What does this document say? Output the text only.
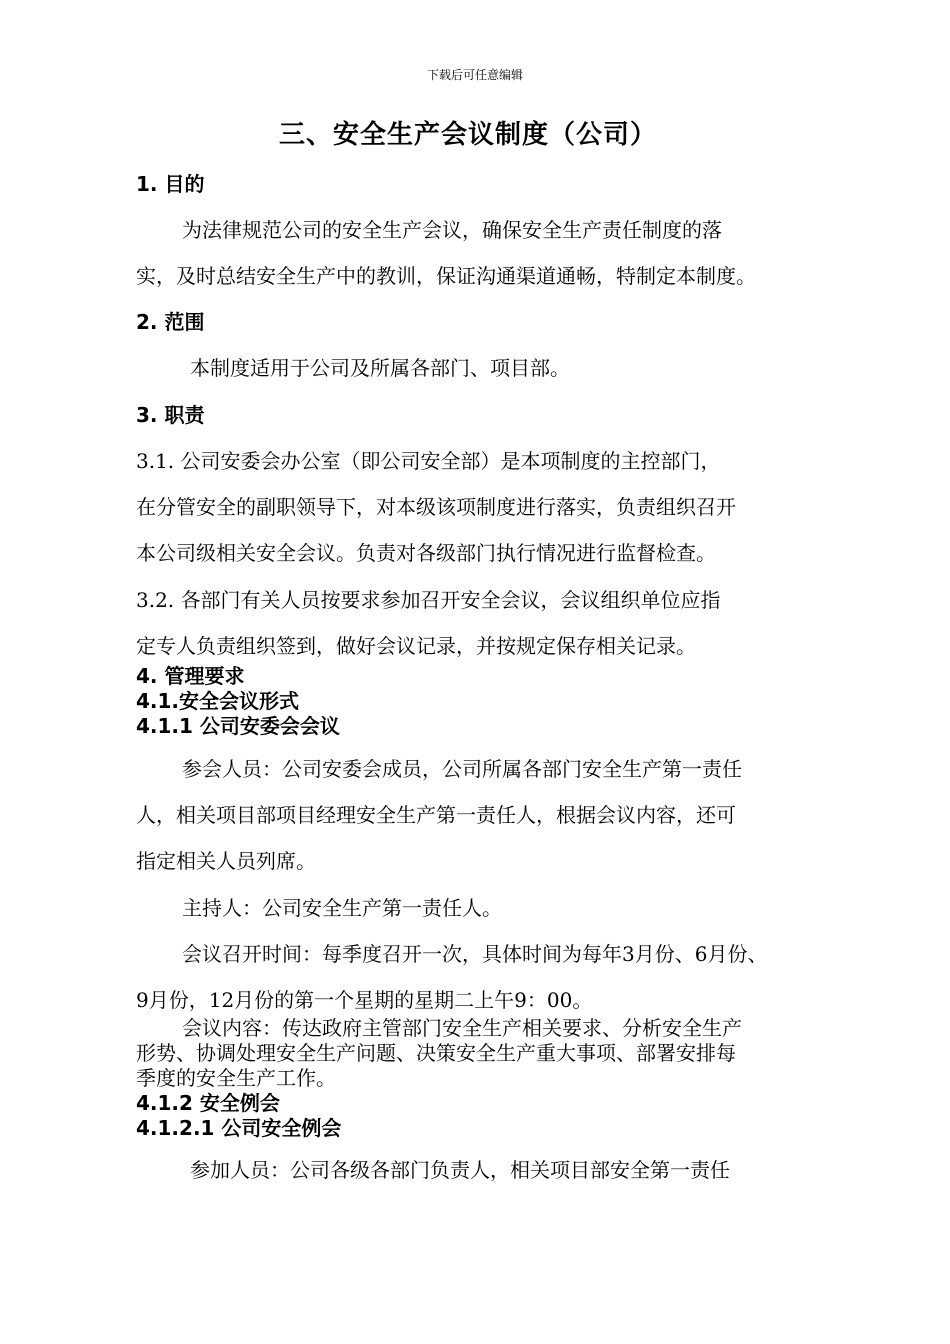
下载后可任意编辑
三、安全生产会议制度（公司）
1. 目的
为法律规范公司的安全生产会议，确保安全生产责任制度的落
实，及时总结安全生产中的教训，保证沟通渠道通畅，特制定本制度。
2. 范围
本制度适用于公司及所属各部门、项目部。
3. 职责
3.1. 公司安委会办公室（即公司安全部）是本项制度的主控部门，
在分管安全的副职领导下，对本级该项制度进行落实，负责组织召开
本公司级相关安全会议。负责对各级部门执行情况进行监督检查。
3.2. 各部门有关人员按要求参加召开安全会议，会议组织单位应指
定专人负责组织签到，做好会议记录，并按规定保存相关记录。
4. 管理要求
4.1.安全会议形式
4.1.1 公司安委会会议
参会人员：公司安委会成员，公司所属各部门安全生产第一责任
人，相关项目部项目经理安全生产第一责任人，根据会议内容，还可
指定相关人员列席。
主持人：公司安全生产第一责任人。
会议召开时间：每季度召开一次，具体时间为每年3月份、6月份、
9月份，12月份的第一个星期的星期二上午9：00。
会议内容：传达政府主管部门安全生产相关要求、分析安全生产
形势、协调处理安全生产问题、决策安全生产重大事项、部署安排每
季度的安全生产工作。
4.1.2 安全例会
4.1.2.1 公司安全例会
参加人员：公司各级各部门负责人，相关项目部安全第一责任
